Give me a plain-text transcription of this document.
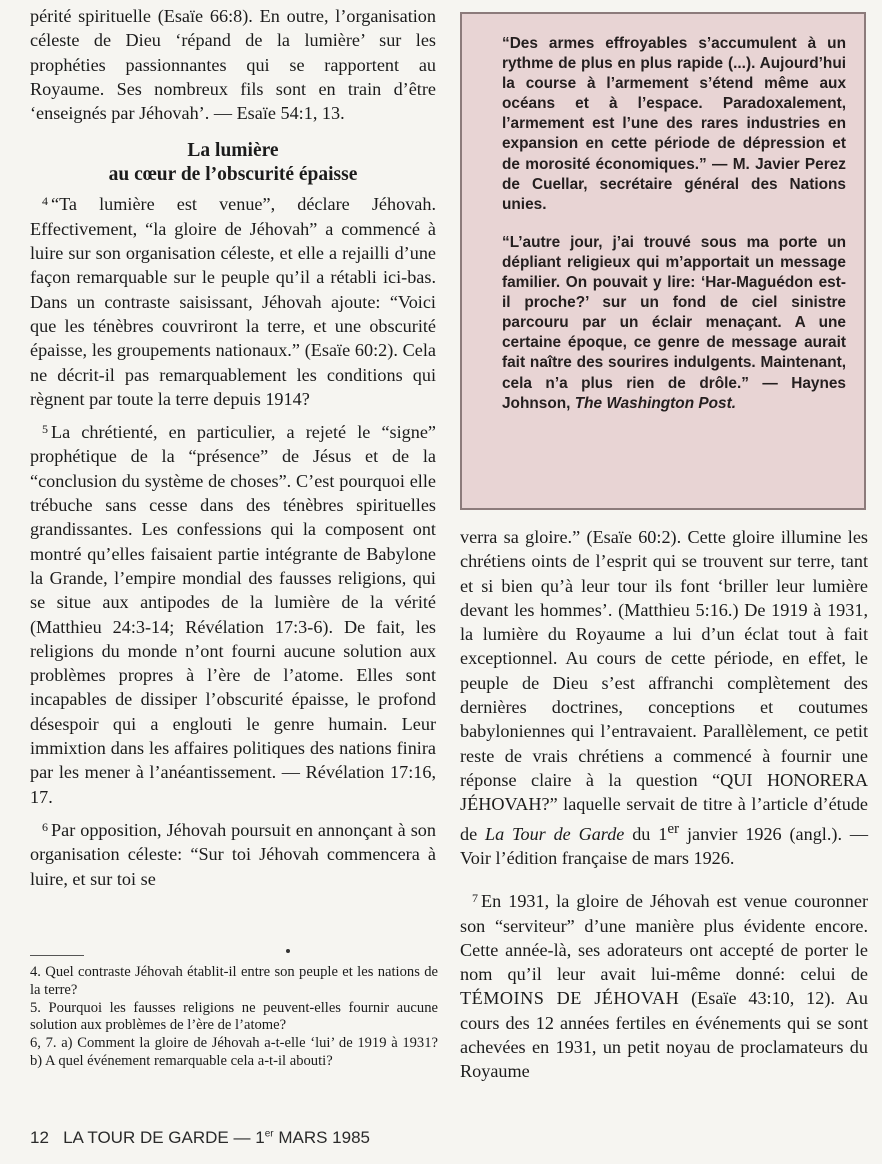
périté spirituelle (Esaïe 66:8). En outre, l’organisation céleste de Dieu ‘répand de la lumière’ sur les prophéties passionnantes qui se rapportent au Royaume. Ses nombreux fils sont en train d’être ‘enseignés par Jéhovah’. — Esaïe 54:1, 13.

La lumière
au cœur de l’obscurité épaisse

$^4$ “Ta lumière est venue”, déclare Jéhovah. Effectivement, “la gloire de Jéhovah” a commencé à luire sur son organisation céleste, et elle a rejailli d’une façon remarquable sur le peuple qu’il a rétabli ici-bas. Dans un contraste saisissant, Jéhovah ajoute: “Voici que les ténèbres couvriront la terre, et une obscurité épaisse, les groupements nationaux.” (Esaïe 60:2). Cela ne décrit-il pas remarquablement les conditions qui règnent par toute la terre depuis 1914?

$^5$ La chrétienté, en particulier, a rejeté le “signe” prophétique de la “présence” de Jésus et de la “conclusion du système de choses”. C’est pourquoi elle trébuche sans cesse dans des ténèbres spirituelles grandissantes. Les confessions qui la composent ont montré qu’elles faisaient partie intégrante de Babylone la Grande, l’empire mondial des fausses religions, qui se situe aux antipodes de la lumière de la vérité (Matthieu 24:3-14; Révélation 17:3-6). De fait, les religions du monde n’ont fourni aucune solution aux problèmes propres à l’ère de l’atome. Elles sont incapables de dissiper l’obscurité épaisse, le profond désespoir qui a englouti le genre humain. Leur immixtion dans les affaires politiques des nations finira par les mener à l’anéantissement. — Révélation 17:16, 17.

$^6$ Par opposition, Jéhovah poursuit en annonçant à son organisation céleste: “Sur toi Jéhovah commencera à luire, et sur toi se

4. Quel contraste Jéhovah établit-il entre son peuple et les nations de la terre?

5. Pourquoi les fausses religions ne peuvent-elles fournir aucune solution aux problèmes de l’ère de l’atome?

6, 7. a) Comment la gloire de Jéhovah a-t-elle ‘lui’ de 1919 à 1931? b) A quel événement remarquable cela a-t-il abouti?

“Des armes effroyables s’accumulent à un rythme de plus en plus rapide (...). Aujourd’hui la course à l’armement s’étend même aux océans et à l’espace. Paradoxalement, l’armement est l’une des rares industries en expansion en cette période de dépression et de morosité économiques.” — M. Javier Perez de Cuellar, secrétaire général des Nations unies.

“L’autre jour, j’ai trouvé sous ma porte un dépliant religieux qui m’apportait un message familier. On pouvait y lire: ‘Har-Maguédon est-il proche?’ sur un fond de ciel sinistre parcouru par un éclair menaçant. A une certaine époque, ce genre de message aurait fait naître des sourires indulgents. Maintenant, cela n’a plus rien de drôle.” — Haynes Johnson, The Washington Post.

verra sa gloire.” (Esaïe 60:2). Cette gloire illumine les chrétiens oints de l’esprit qui se trouvent sur terre, tant et si bien qu’à leur tour ils font ‘briller leur lumière devant les hommes’. (Matthieu 5:16.) De 1919 à 1931, la lumière du Royaume a lui d’un éclat tout à fait exceptionnel. Au cours de cette période, en effet, le peuple de Dieu s’est affranchi complètement des dernières doctrines, conceptions et coutumes babyloniennes qui l’entravaient. Parallèlement, ce petit reste de vrais chrétiens a commencé à fournir une réponse claire à la question “QUI HONORERA JÉHOVAH?” laquelle servait de titre à l’article d’étude de La Tour de Garde du 1er janvier 1926 (angl.). — Voir l’édition française de mars 1926.

$^7$ En 1931, la gloire de Jéhovah est venue couronner son “serviteur” d’une manière plus évidente encore. Cette année-là, ses adorateurs ont accepté de porter le nom qu’il leur avait lui-même donné: celui de TÉMOINS DE JÉHOVAH (Esaïe 43:10, 12). Au cours des 12 années fertiles en événements qui se sont achevées en 1931, un petit noyau de proclamateurs du Royaume

12 LA TOUR DE GARDE — 1er MARS 1985
